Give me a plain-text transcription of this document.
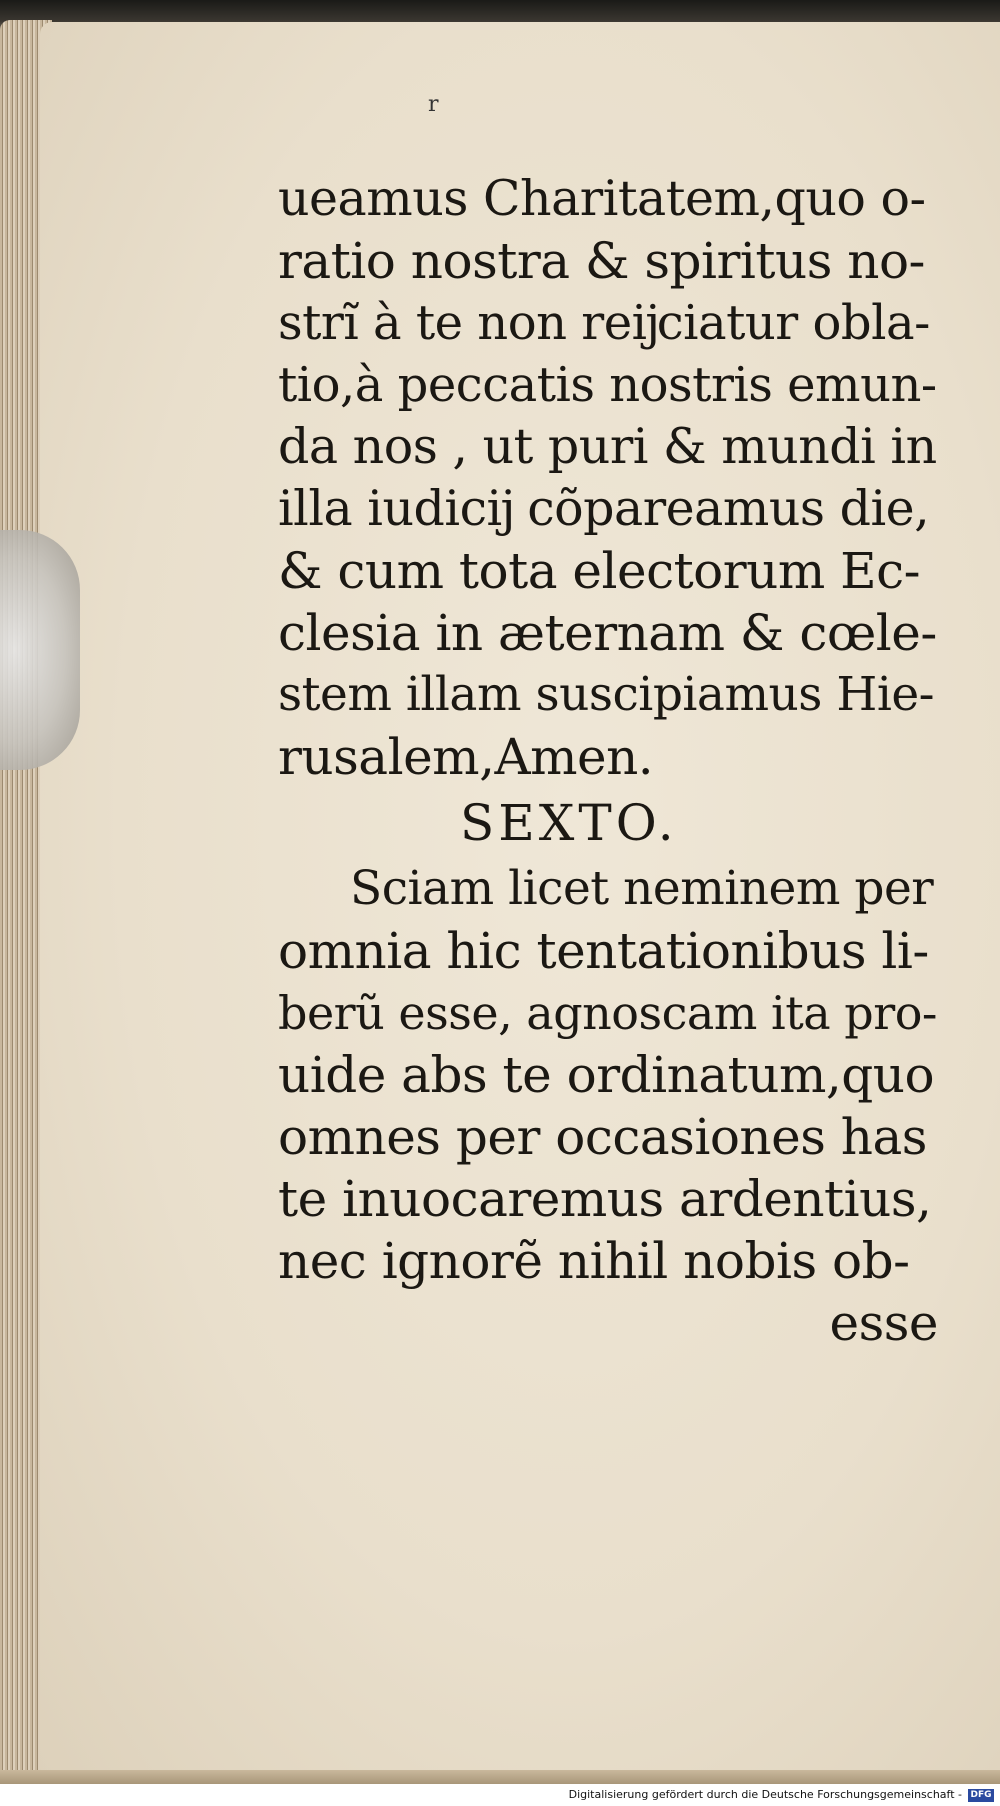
r
ueamus Charitatem,quo o-
ratio nostra & spiritus no-
strĩ à te non reĳciatur obla-
tio,à peccatis nostris emun-
da nos , ut puri & mundi in
illa iudicĳ cõpareamus die,
& cum tota electorum Ec-
clesia in æternam & cœle-
stem illam suscipiamus Hie-
rusalem,Amen.
SEXTO.
Sciam licet neminem per
omnia hic tentationibus li-
berũ esse, agnoscam ita pro-
uide abs te ordinatum,quo
omnes per occasiones has
te inuocaremus ardentius,
nec ignorẽ nihil nobis ob-
esse
Digitalisierung gefördert durch die Deutsche Forschungsgemeinschaft - DFG
